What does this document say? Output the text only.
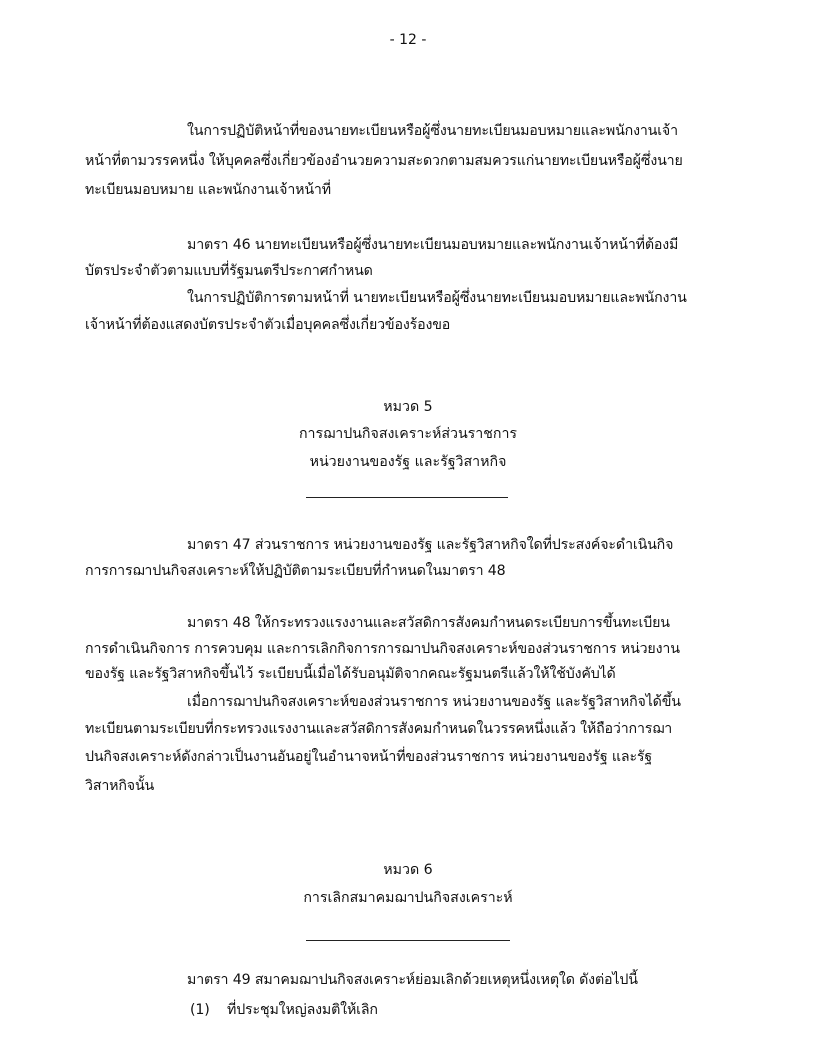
- 12 -
ในการปฏิบัติหน้าที่ของนายทะเบียนหรือผู้ซึ่งนายทะเบียนมอบหมายและพนักงานเจ้า
หน้าที่ตามวรรคหนึ่ง ให้บุคคลซึ่งเกี่ยวข้องอำนวยความสะดวกตามสมควรแก่นายทะเบียนหรือผู้ซึ่งนาย
ทะเบียนมอบหมาย และพนักงานเจ้าหน้าที่
มาตรา 46 นายทะเบียนหรือผู้ซึ่งนายทะเบียนมอบหมายและพนักงานเจ้าหน้าที่ต้องมี
บัตรประจำตัวตามแบบที่รัฐมนตรีประกาศกำหนด
ในการปฏิบัติการตามหน้าที่ นายทะเบียนหรือผู้ซึ่งนายทะเบียนมอบหมายและพนักงาน
เจ้าหน้าที่ต้องแสดงบัตรประจำตัวเมื่อบุคคลซึ่งเกี่ยวข้องร้องขอ
หมวด 5
การฌาปนกิจสงเคราะห์ส่วนราชการ
หน่วยงานของรัฐ และรัฐวิสาหกิจ
มาตรา 47 ส่วนราชการ หน่วยงานของรัฐ และรัฐวิสาหกิจใดที่ประสงค์จะดำเนินกิจ
การการฌาปนกิจสงเคราะห์ให้ปฏิบัติตามระเบียบที่กำหนดในมาตรา 48
มาตรา 48 ให้กระทรวงแรงงานและสวัสดิการสังคมกำหนดระเบียบการขึ้นทะเบียน
การดำเนินกิจการ การควบคุม และการเลิกกิจการการฌาปนกิจสงเคราะห์ของส่วนราชการ หน่วยงาน
ของรัฐ และรัฐวิสาหกิจขึ้นไว้ ระเบียบนี้เมื่อได้รับอนุมัติจากคณะรัฐมนตรีแล้วให้ใช้บังคับได้
เมื่อการฌาปนกิจสงเคราะห์ของส่วนราชการ หน่วยงานของรัฐ และรัฐวิสาหกิจได้ขึ้น
ทะเบียนตามระเบียบที่กระทรวงแรงงานและสวัสดิการสังคมกำหนดในวรรคหนึ่งแล้ว ให้ถือว่าการฌา
ปนกิจสงเคราะห์ดังกล่าวเป็นงานอันอยู่ในอำนาจหน้าที่ของส่วนราชการ หน่วยงานของรัฐ และรัฐ
วิสาหกิจนั้น
หมวด 6
การเลิกสมาคมฌาปนกิจสงเคราะห์
มาตรา 49 สมาคมฌาปนกิจสงเคราะห์ย่อมเลิกด้วยเหตุหนึ่งเหตุใด ดังต่อไปนี้
(1) ที่ประชุมใหญ่ลงมติให้เลิก
